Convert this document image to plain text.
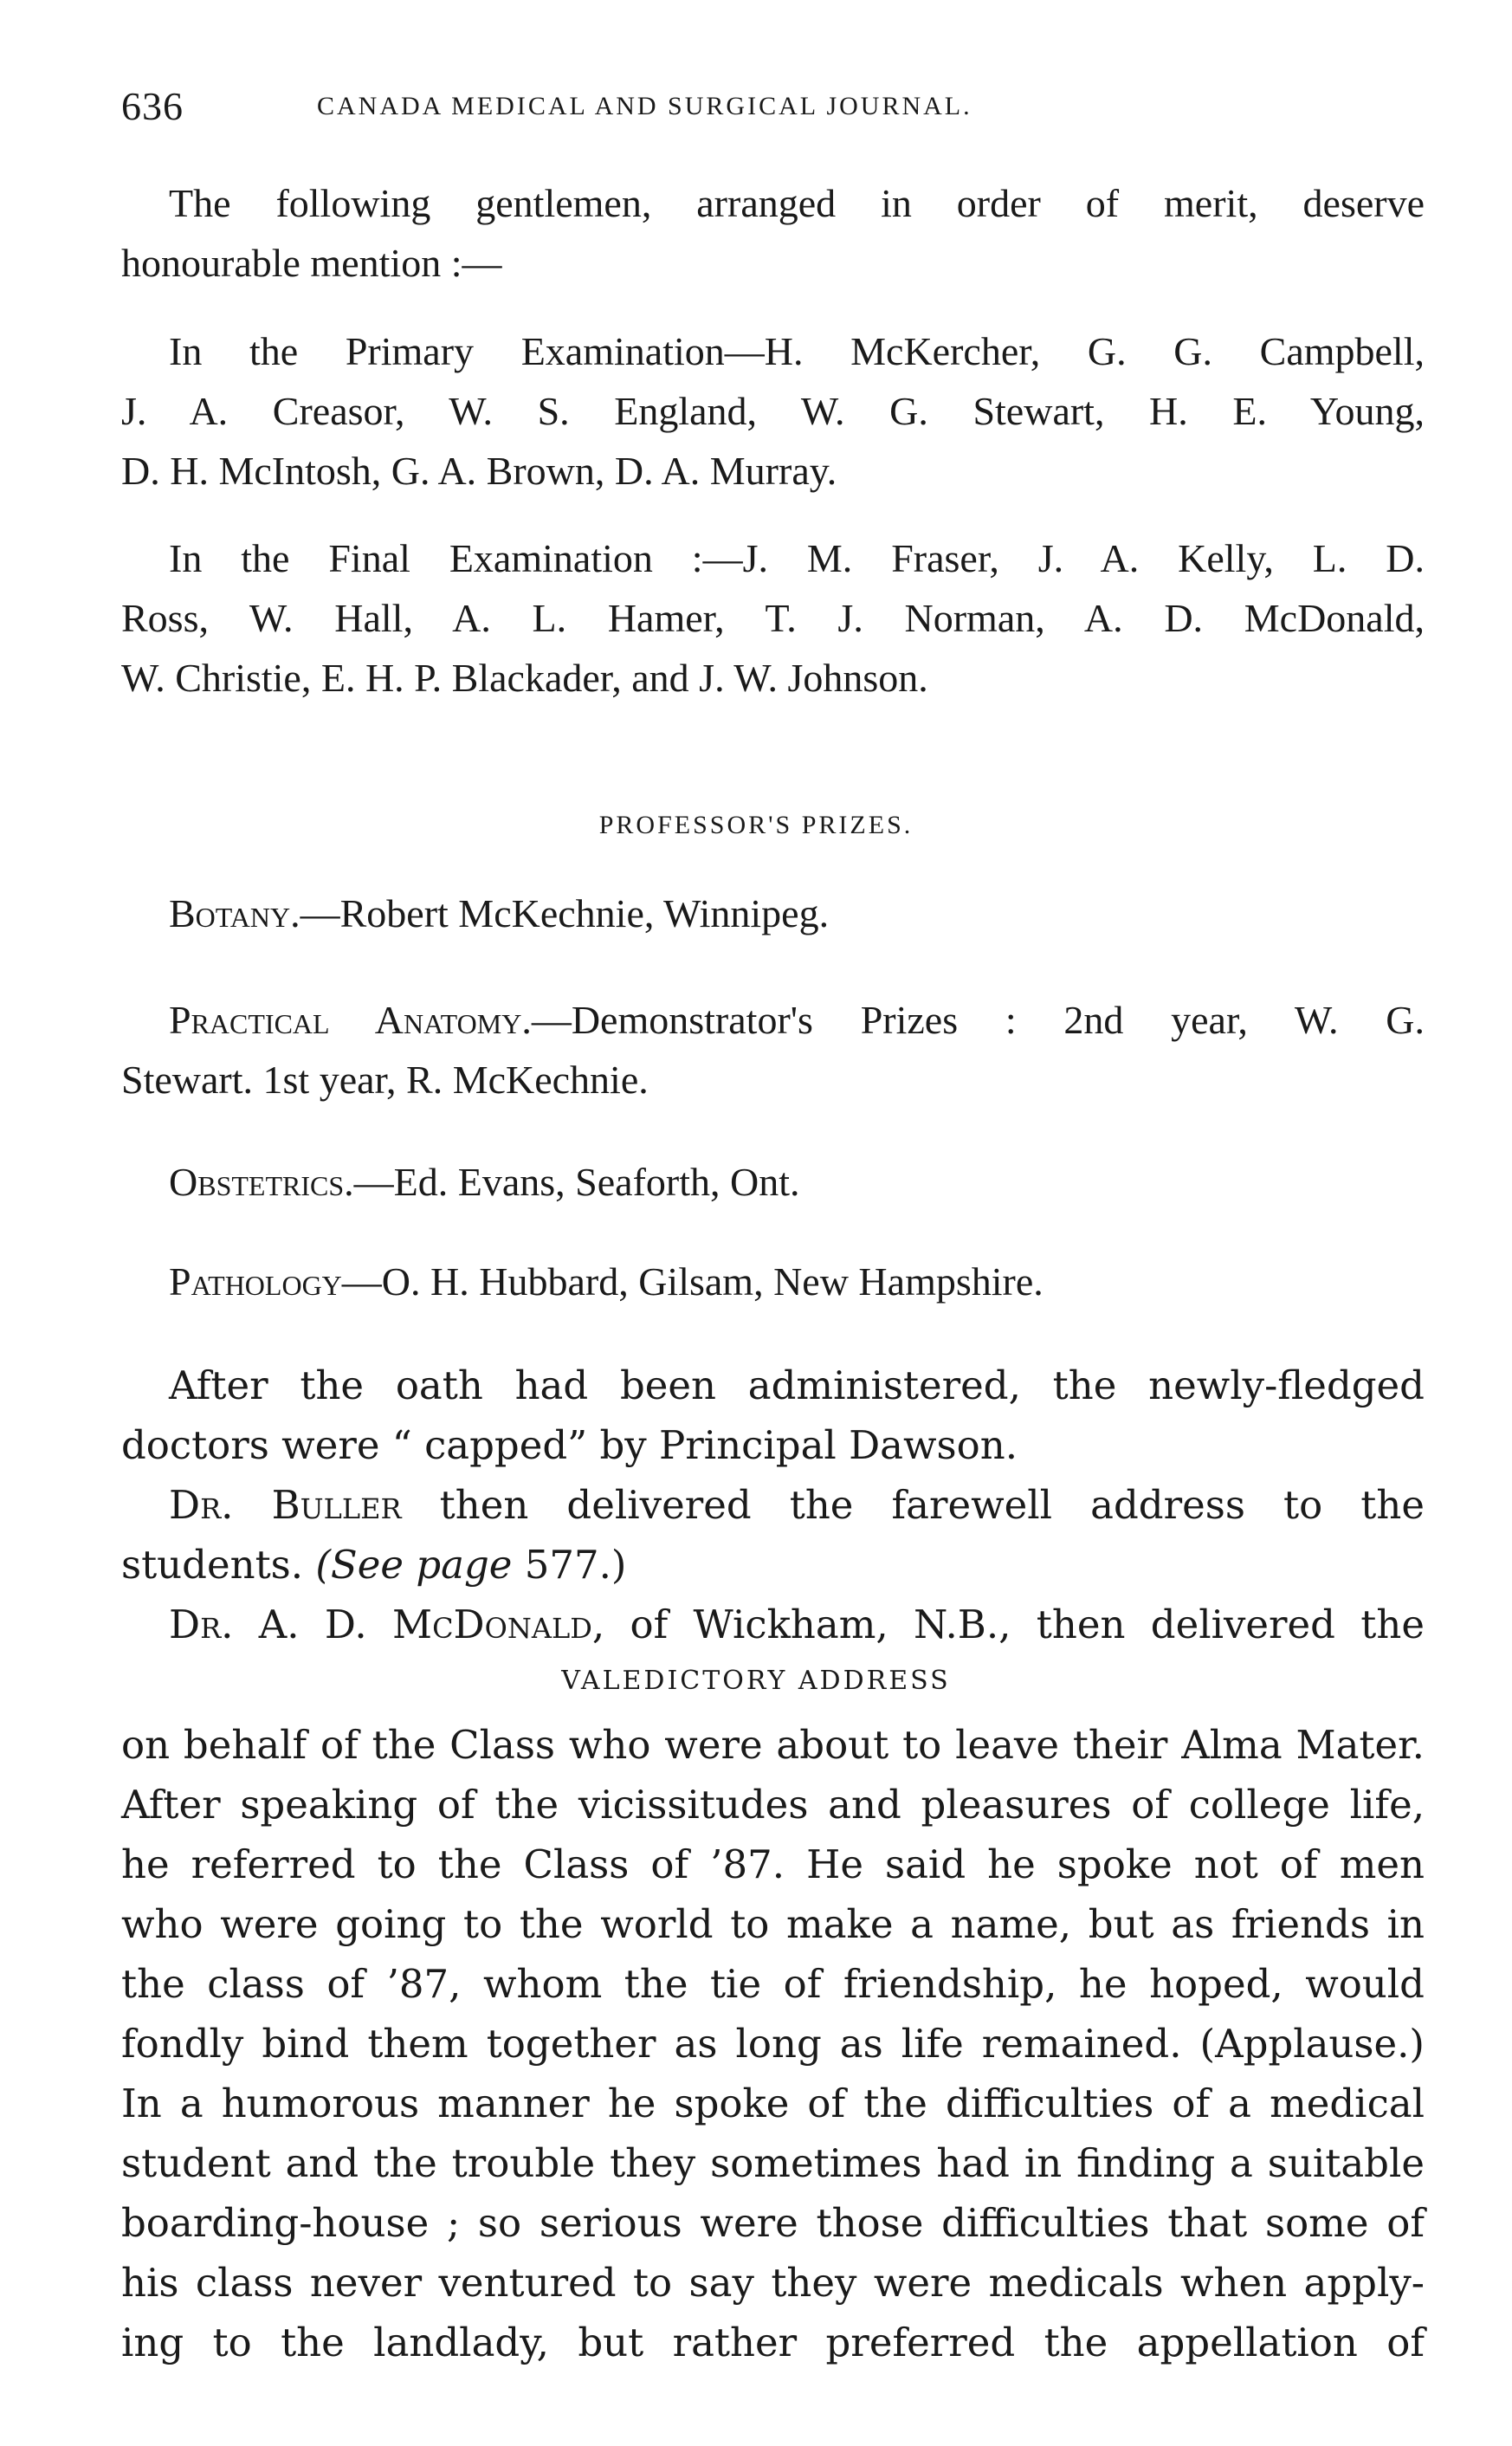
636	CANADA MEDICAL AND SURGICAL JOURNAL.
The following gentlemen, arranged in order of merit, deserve
honourable mention :—
In the Primary Examination—H. McKercher, G. G. Campbell,
J. A. Creasor, W. S. England, W. G. Stewart, H. E. Young,
D. H. McIntosh, G. A. Brown, D. A. Murray.
In the Final Examination :—J. M. Fraser, J. A. Kelly, L. D.
Ross, W. Hall, A. L. Hamer, T. J. Norman, A. D. McDonald,
W. Christie, E. H. P. Blackader, and J. W. Johnson.
PROFESSOR'S PRIZES.
Botany.—Robert McKechnie, Winnipeg.
Practical Anatomy.—Demonstrator's Prizes : 2nd year, W. G.
Stewart. 1st year, R. McKechnie.
Obstetrics.—Ed. Evans, Seaforth, Ont.
Pathology—O. H. Hubbard, Gilsam, New Hampshire.
After the oath had been administered, the newly-fledged
doctors were “ capped” by Principal Dawson.
Dr. Buller then delivered the farewell address to the
students. (See page 577.)
Dr. A. D. McDonald, of Wickham, N.B., then delivered the
VALEDICTORY ADDRESS
on behalf of the Class who were about to leave their Alma Mater.
After speaking of the vicissitudes and pleasures of college life,
he referred to the Class of ’87. He said he spoke not of men
who were going to the world to make a name, but as friends in
the class of ’87, whom the tie of friendship, he hoped, would
fondly bind them together as long as life remained. (Applause.)
In a humorous manner he spoke of the difficulties of a medical
student and the trouble they sometimes had in finding a suitable
boarding-house ; so serious were those difficulties that some of
his class never ventured to say they were medicals when apply-
ing to the landlady, but rather preferred the appellation of
